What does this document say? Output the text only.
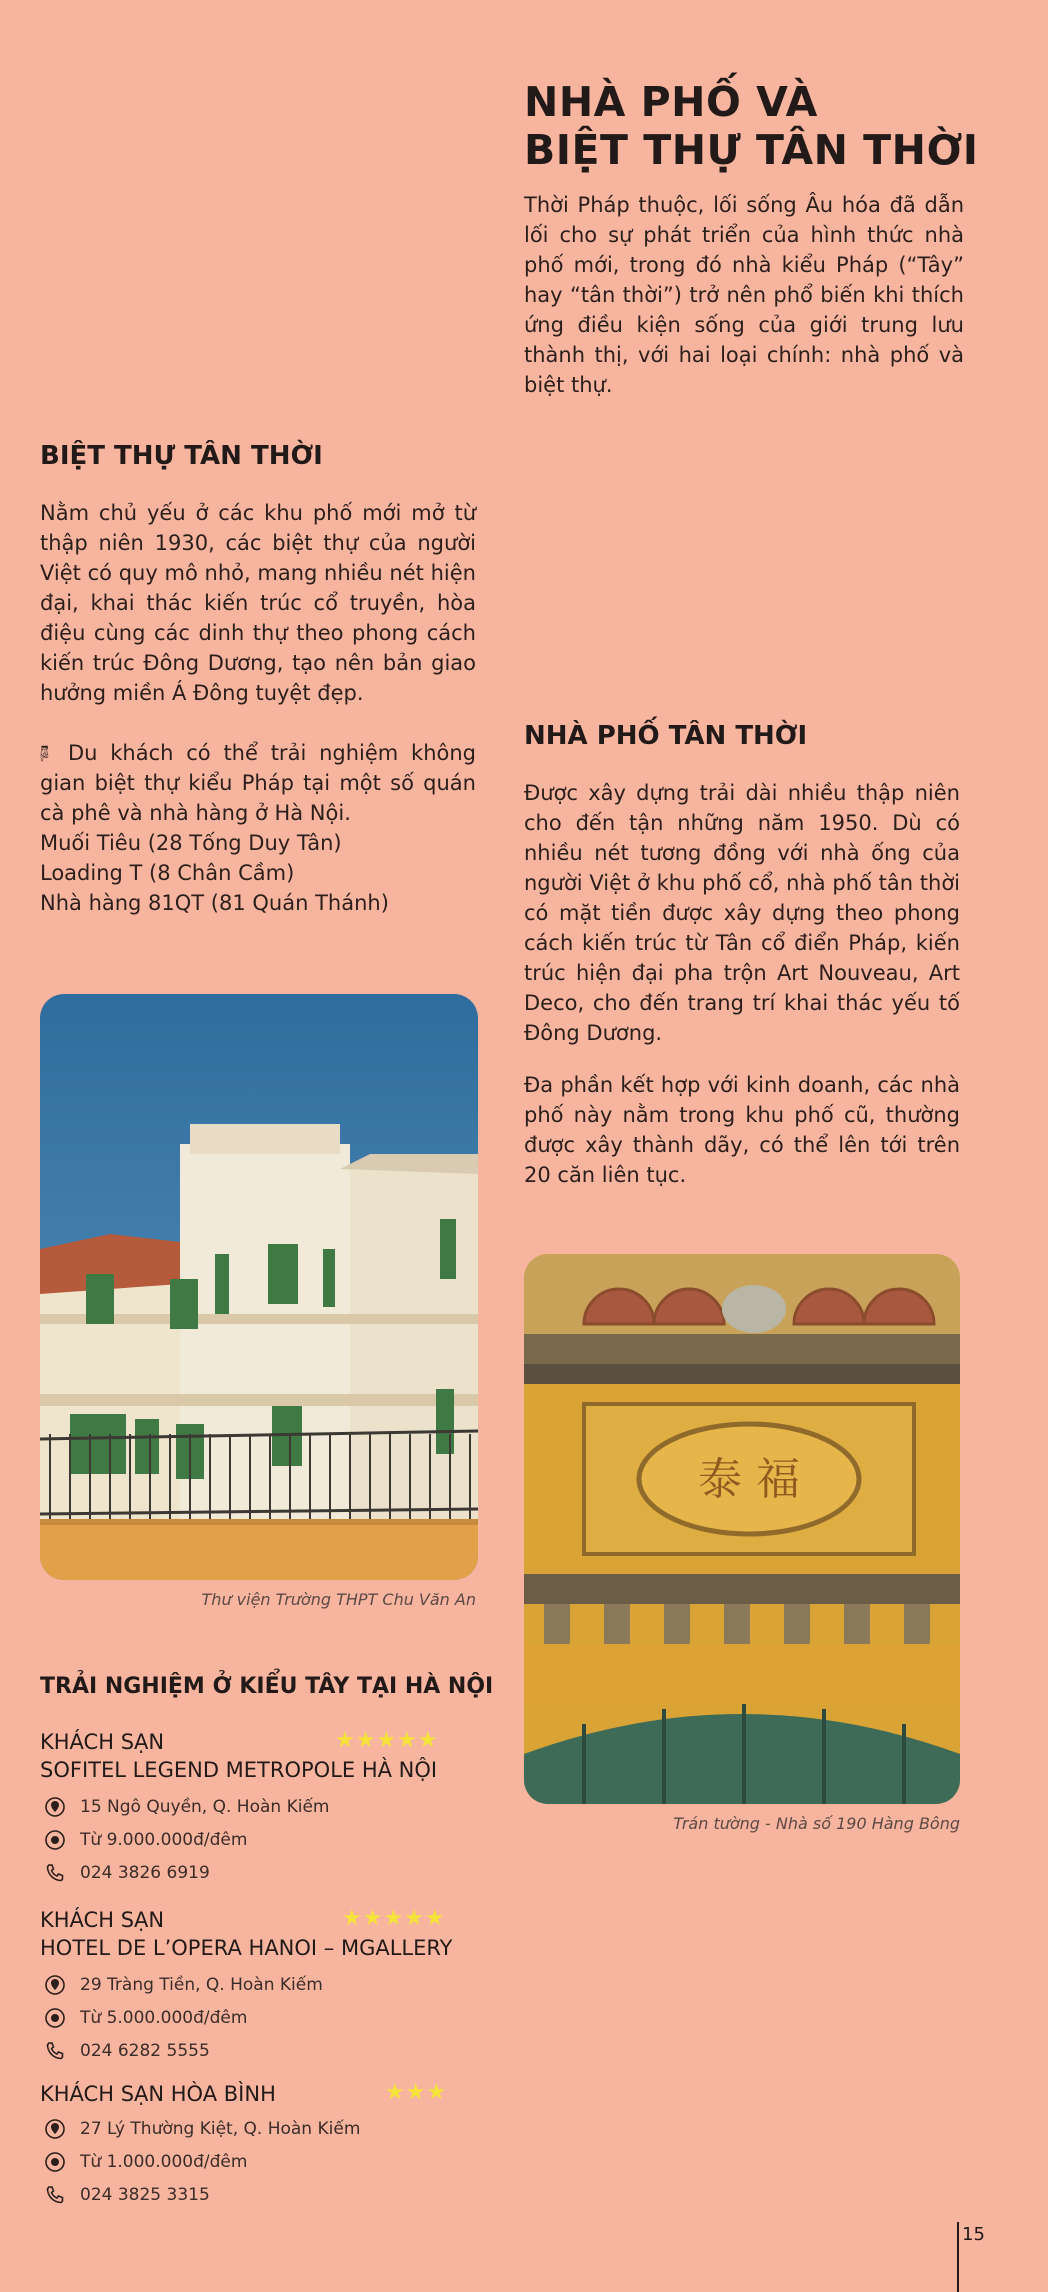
NHÀ PHỐ VÀ
BIỆT THỰ TÂN THỜI
Thời Pháp thuộc, lối sống Âu hóa đã dẫn lối cho sự phát triển của hình thức nhà phố mới, trong đó nhà kiểu Pháp (“Tây” hay “tân thời”) trở nên phổ biến khi thích ứng điều kiện sống của giới trung lưu thành thị, với hai loại chính: nhà phố và biệt thự.
BIỆT THỰ TÂN THỜI
Nằm chủ yếu ở các khu phố mới mở từ thập niên 1930, các biệt thự của người Việt có quy mô nhỏ, mang nhiều nét hiện đại, khai thác kiến trúc cổ truyền, hòa điệu cùng các dinh thự theo phong cách kiến trúc Đông Dương, tạo nên bản giao hưởng miền Á Đông tuyệt đẹp.
🖗 Du khách có thể trải nghiệm không gian biệt thự kiểu Pháp tại một số quán cà phê và nhà hàng ở Hà Nội.
Muối Tiêu (28 Tống Duy Tân)
Loading T (8 Chân Cầm)
Nhà hàng 81QT (81 Quán Thánh)
Thư viện Trường THPT Chu Văn An
NHÀ PHỐ TÂN THỜI
Được xây dựng trải dài nhiều thập niên cho đến tận những năm 1950. Dù có nhiều nét tương đồng với nhà ống của người Việt ở khu phố cổ, nhà phố tân thời có mặt tiền được xây dựng theo phong cách kiến trúc từ Tân cổ điển Pháp, kiến trúc hiện đại pha trộn Art Nouveau, Art Deco, cho đến trang trí khai thác yếu tố Đông Dương.
Đa phần kết hợp với kinh doanh, các nhà phố này nằm trong khu phố cũ, thường được xây thành dãy, có thể lên tới trên 20 căn liên tục.
泰 福
Trán tường - Nhà số 190 Hàng Bông
TRẢI NGHIỆM Ở KIỂU TÂY TẠI HÀ NỘI
KHÁCH SẠN	★★★★★
SOFITEL LEGEND METROPOLE HÀ NỘI
15 Ngô Quyền, Q. Hoàn Kiếm
Từ 9.000.000đ/đêm
024 3826 6919
KHÁCH SẠN	★★★★★
HOTEL DE L’OPERA HANOI – MGALLERY
29 Tràng Tiền, Q. Hoàn Kiếm
Từ 5.000.000đ/đêm
024 6282 5555
KHÁCH SẠN HÒA BÌNH	★★★
27 Lý Thường Kiệt, Q. Hoàn Kiếm
Từ 1.000.000đ/đêm
024 3825 3315
15
